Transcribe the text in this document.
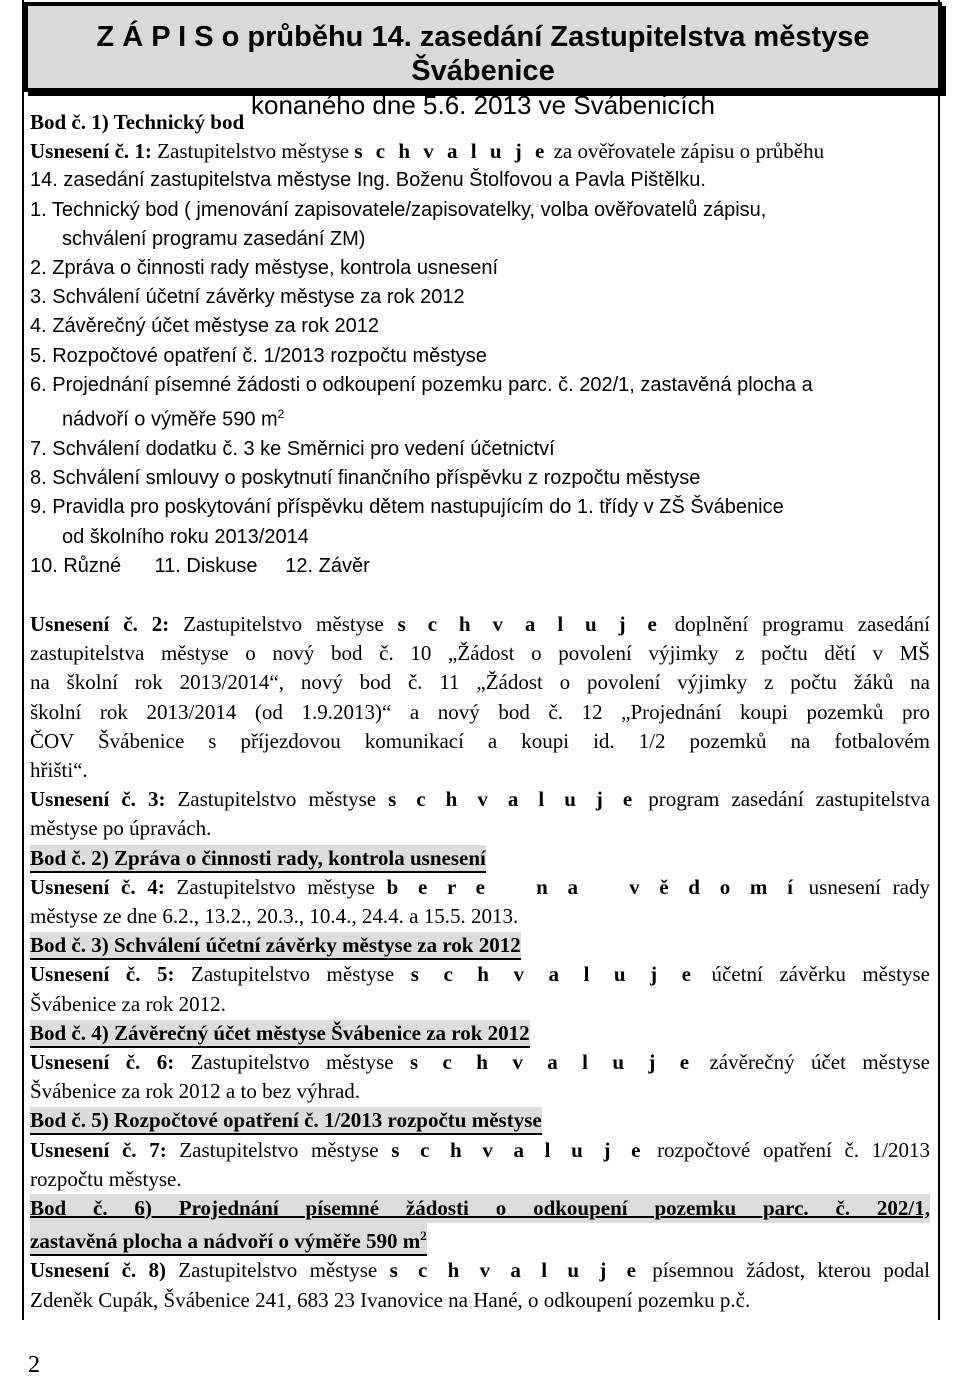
Z Á P I S o průběhu 14. zasedání Zastupitelstva městyse Švábenice
konaného dne 5.6. 2013 ve Švábenicích
Bod č. 1) Technický bod
Usnesení č. 1: Zastupitelstvo městyse s c h v a l u j e za ověřovatele zápisu o průběhu
14. zasedání zastupitelstva městyse Ing. Boženu Štolfovou a Pavla Pištělku.
1. Technický bod ( jmenování zapisovatele/zapisovatelky, volba ověřovatelů zápisu,
schválení programu zasedání ZM)
2. Zpráva o činnosti rady městyse, kontrola usnesení
3. Schválení účetní závěrky městyse za rok 2012
4. Závěrečný účet městyse za rok 2012
5. Rozpočtové opatření č. 1/2013 rozpočtu městyse
6. Projednání písemné žádosti o odkoupení pozemku parc. č. 202/1, zastavěná plocha a
nádvoří o výměře 590 $m^2$
7. Schválení dodatku č. 3 ke Směrnici pro vedení účetnictví
8. Schválení smlouvy o poskytnutí finančního příspěvku z rozpočtu městyse
9. Pravidla pro poskytování příspěvku dětem nastupujícím do 1. třídy v ZŠ Švábenice
od školního roku 2013/2014
10. Různé      11. Diskuse     12. Závěr
Usnesení č. 2: Zastupitelstvo městyse s c h v a l u j e doplnění programu zasedání
zastupitelstva městyse o nový bod č. 10 „Žádost o povolení výjimky z počtu dětí v MŠ
na školní rok 2013/2014“, nový bod č. 11 „Žádost o povolení výjimky z počtu žáků na
školní rok 2013/2014 (od 1.9.2013)“ a nový bod č. 12 „Projednání koupi pozemků pro
ČOV Švábenice s příjezdovou komunikací a koupi id. 1/2 pozemků na fotbalovém
hřišti“.
Usnesení č. 3: Zastupitelstvo městyse s c h v a l u j e program zasedání zastupitelstva
městyse po úpravách.
Bod č. 2) Zpráva o činnosti rady, kontrola usnesení
Usnesení č. 4: Zastupitelstvo městyse b e r e   n a   v ě d o m í usnesení rady
městyse ze dne 6.2., 13.2., 20.3., 10.4., 24.4. a 15.5. 2013.
Bod č. 3) Schválení účetní závěrky městyse za rok 2012
Usnesení č. 5: Zastupitelstvo městyse s c h v a l u j e účetní závěrku městyse
Švábenice za rok 2012.
Bod č. 4) Závěrečný účet městyse Švábenice za rok 2012
Usnesení č. 6: Zastupitelstvo městyse s c h v a l u j e závěrečný účet městyse
Švábenice za rok 2012 a to bez výhrad.
Bod č. 5) Rozpočtové opatření č. 1/2013 rozpočtu městyse
Usnesení č. 7: Zastupitelstvo městyse s c h v a l u j e rozpočtové opatření č. 1/2013
rozpočtu městyse.
Bod č. 6) Projednání písemné žádosti o odkoupení pozemku parc. č. 202/1,
zastavěná plocha a nádvoří o výměře 590 $m^2$
Usnesení č. 8) Zastupitelstvo městyse s c h v a l u j e písemnou žádost, kterou podal
Zdeněk Cupák, Švábenice 241, 683 23 Ivanovice na Hané, o odkoupení pozemku p.č.
2
